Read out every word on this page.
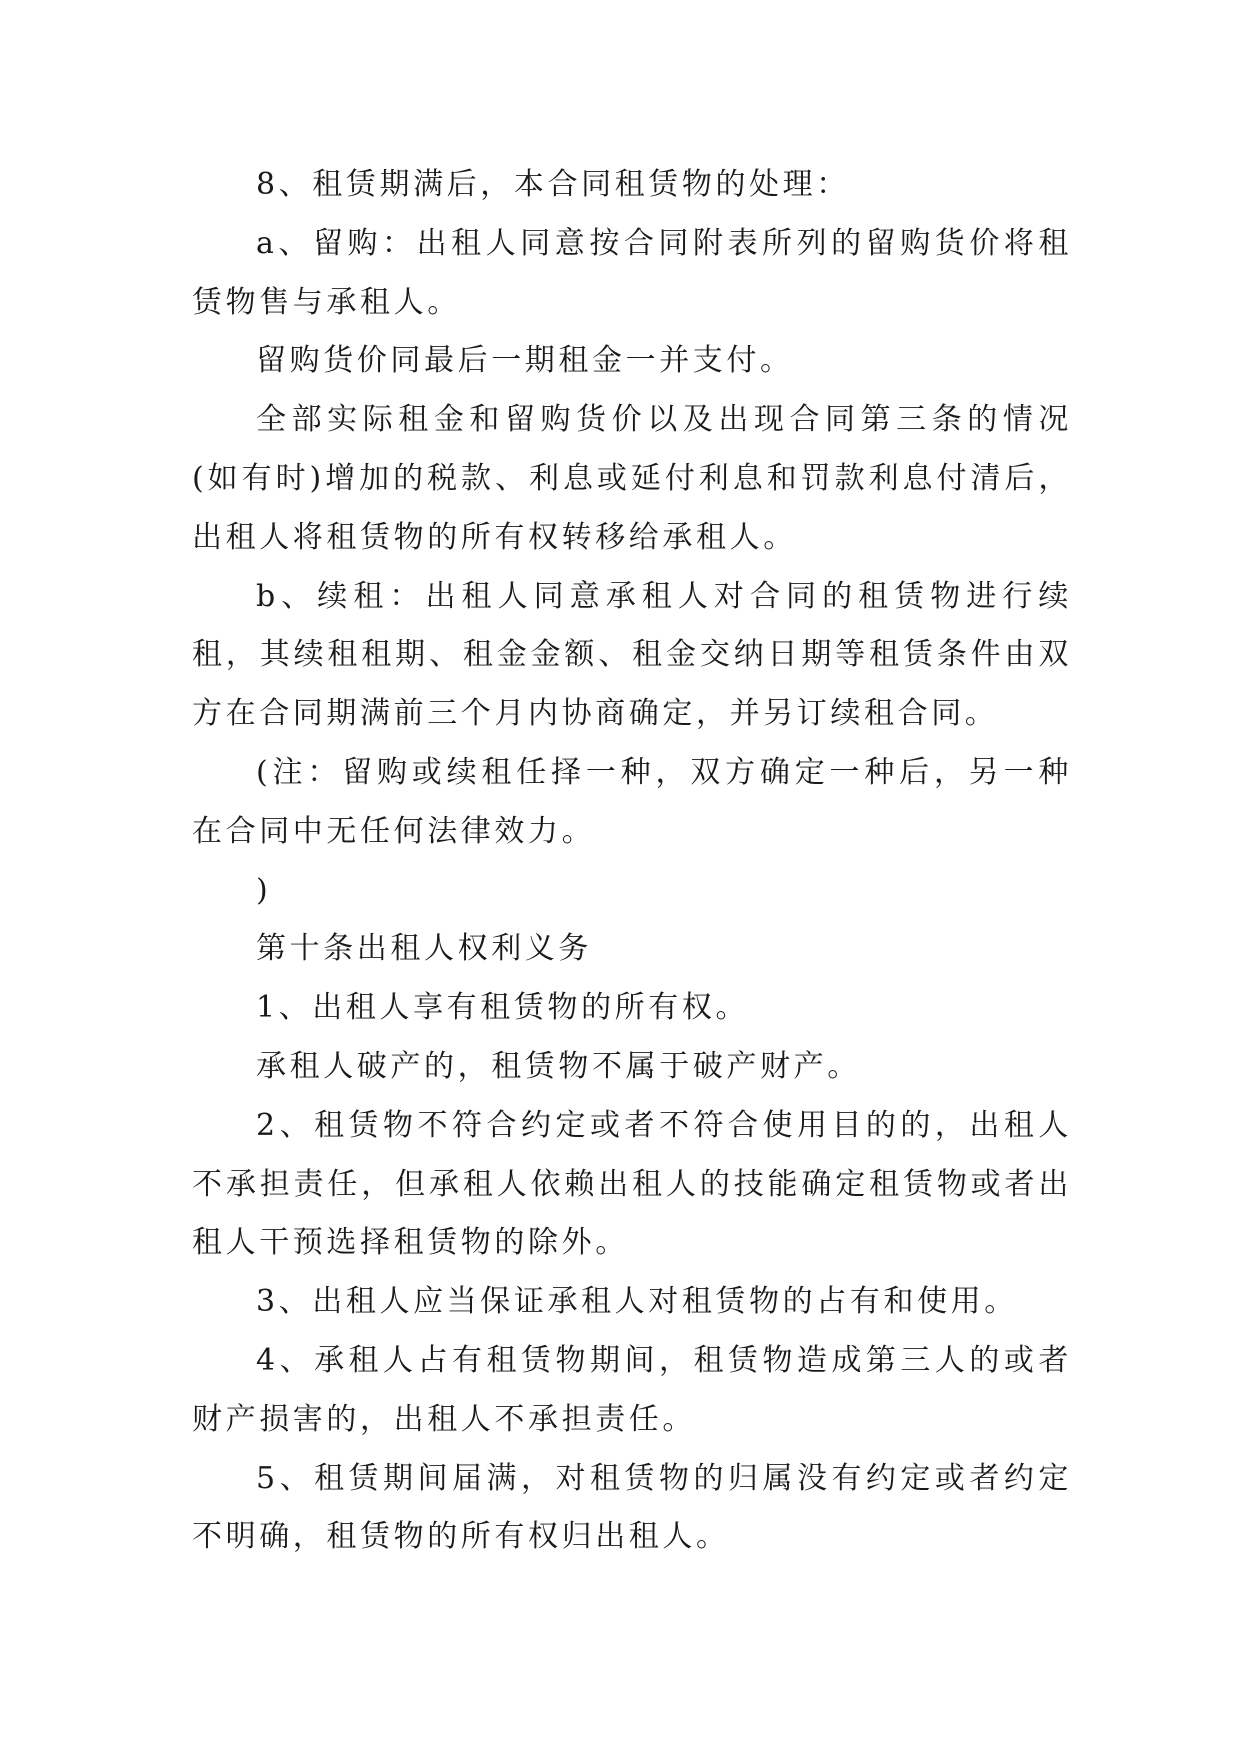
8、租赁期满后，本合同租赁物的处理：

a、留购：出租人同意按合同附表所列的留购货价将租赁物售与承租人。

留购货价同最后一期租金一并支付。

全部实际租金和留购货价以及出现合同第三条的情况(如有时)增加的税款、利息或延付利息和罚款利息付清后，出租人将租赁物的所有权转移给承租人。

b、续租：出租人同意承租人对合同的租赁物进行续租，其续租租期、租金金额、租金交纳日期等租赁条件由双方在合同期满前三个月内协商确定，并另订续租合同。

(注：留购或续租任择一种，双方确定一种后，另一种在合同中无任何法律效力。

)

第十条出租人权利义务

1、出租人享有租赁物的所有权。

承租人破产的，租赁物不属于破产财产。

2、租赁物不符合约定或者不符合使用目的的，出租人不承担责任，但承租人依赖出租人的技能确定租赁物或者出租人干预选择租赁物的除外。

3、出租人应当保证承租人对租赁物的占有和使用。

4、承租人占有租赁物期间，租赁物造成第三人的或者财产损害的，出租人不承担责任。

5、租赁期间届满，对租赁物的归属没有约定或者约定不明确，租赁物的所有权归出租人。
